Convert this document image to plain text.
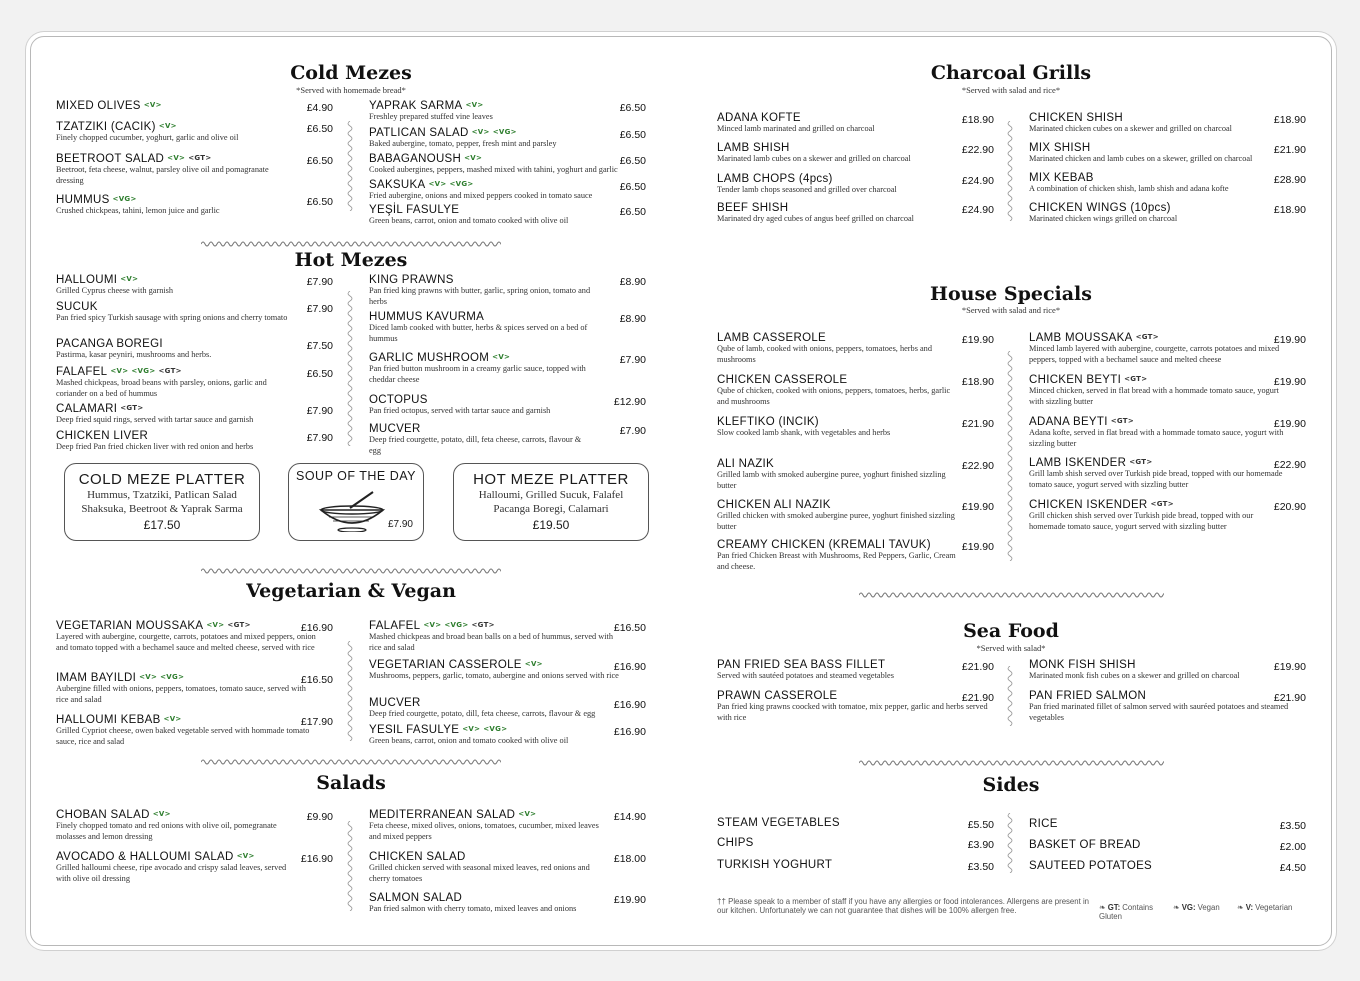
Cold Mezes
*Served with homemade bread*
MIXED OLIVES <V>	£4.90
TZATZIKI (CACIK) <V>
Finely chopped cucumber, yoghurt, garlic and olive oil
£6.50
BEETROOT SALAD <V> <GT>
Beetroot, feta cheese, walnut, parsley olive oil and pomagranate dressing
£6.50
HUMMUS <VG>
Crushed chickpeas, tahini, lemon juice and garlic
£6.50
YAPRAK SARMA <V>
Freshley prepared stuffed vine leaves
£6.50
PATLICAN SALAD <V> <VG>
Baked aubergine, tomato, pepper, fresh mint and parsley
£6.50
BABAGANOUSH <V>
Cooked aubergines, peppers, mashed mixed with tahini, yoghurt and garlic
£6.50
SAKSUKA <V> <VG>
Fried aubergine, onions and mixed peppers cooked in tomato sauce
£6.50
YEŞİL FASULYE
Green beans, carrot, onion and tomato cooked with olive oil
£6.50
Hot Mezes
HALLOUMI <V>
Grilled Cyprus cheese with garnish
£7.90
SUCUK
Pan fried spicy Turkish sausage with spring onions and cherry tomato
£7.90
PACANGA BOREGI
Pastirma, kasar peyniri, mushrooms and herbs.
£7.50
FALAFEL <V> <VG> <GT>
Mashed chickpeas, broad beans with parsley, onions, garlic and coriander on a bed of hummus
£6.50
CALAMARI <GT>
Deep fried squid rings, served with tartar sauce and garnish
£7.90
CHICKEN LIVER
Deep fried Pan fried chicken liver with red onion and herbs
£7.90
KING PRAWNS
Pan fried king prawns with butter, garlic, spring onion, tomato and herbs
£8.90
HUMMUS KAVURMA
Diced lamb cooked with butter, herbs & spices served on a bed of hummus
£8.90
GARLIC MUSHROOM <V>
Pan fried button mushroom in a creamy garlic sauce, topped with cheddar cheese
£7.90
OCTOPUS
Pan fried octopus, served with tartar sauce and garnish
£12.90
MUCVER
Deep fried courgette, potato, dill, feta cheese, carrots, flavour & egg
£7.90
COLD MEZE PLATTER
Hummus, Tzatziki, Patlican Salad
Shaksuka, Beetroot & Yaprak Sarma
£17.50
SOUP OF THE DAY
£7.90
HOT MEZE PLATTER
Halloumi, Grilled Sucuk, Falafel
Pacanga Boregi, Calamari
£19.50
Vegetarian & Vegan
VEGETARIAN MOUSSAKA <V> <GT>
Layered with aubergine, courgette, carrots, potatoes and mixed peppers, onion and tomato topped with a bechamel sauce and melted cheese, served with rice
£16.90
IMAM BAYILDI <V> <VG>
Aubergine filled with onions, peppers, tomatoes, tomato sauce, served with rice and salad
£16.50
HALLOUMI KEBAB <V>
Grilled Cypriot cheese, owen baked vegetable served with hommade tomato sauce, rice and salad
£17.90
FALAFEL <V> <VG> <GT>
Mashed chickpeas and broad bean balls on a bed of hummus, served with rice and salad
£16.50
VEGETARIAN CASSEROLE <V>
Mushrooms, peppers, garlic, tomato, aubergine and onions served with rice
£16.90
MUCVER
Deep fried courgette, potato, dill, feta cheese, carrots, flavour & egg
£16.90
YESIL FASULYE <V> <VG>
Green beans, carrot, onion and tomato cooked with olive oil
£16.90
Salads
CHOBAN SALAD <V>
Finely chopped tomato and red onions with olive oil, pomegranate molasses and lemon dressing
£9.90
AVOCADO & HALLOUMI SALAD <V>
Grilled halloumi cheese, ripe avocado and crispy salad leaves, served with olive oil dressing
£16.90
MEDITERRANEAN SALAD <V>
Feta cheese, mixed olives, onions, tomatoes, cucumber, mixed leaves and mixed peppers
£14.90
CHICKEN SALAD
Grilled chicken served with seasonal mixed leaves, red onions and cherry tomatoes
£18.00
SALMON SALAD
Pan fried salmon with cherry tomato, mixed leaves and onions
£19.90
Charcoal Grills
*Served with salad and rice*
ADANA KOFTE
Minced lamb marinated and grilled on charcoal
£18.90
LAMB SHISH
Marinated lamb cubes on a skewer and grilled on charcoal
£22.90
LAMB CHOPS (4pcs)
Tender lamb chops seasoned and grilled over charcoal
£24.90
BEEF SHISH
Marinated dry aged cubes of angus beef grilled on charcoal
£24.90
CHICKEN SHISH
Marinated chicken cubes on a skewer and grilled on charcoal
£18.90
MIX SHISH
Marinated chicken and lamb cubes on a skewer, grilled on charcoal
£21.90
MIX KEBAB
A combination of chicken shish, lamb shish and adana kofte
£28.90
CHICKEN WINGS (10pcs)
Marinated chicken wings grilled on charcoal
£18.90
House Specials
*Served with salad and rice*
LAMB CASSEROLE
Qube of lamb, cooked with onions, peppers, tomatoes, herbs and mushrooms
£19.90
CHICKEN CASSEROLE
Qube of chicken, cooked with onions, peppers, tomatoes, herbs, garlic and mushrooms
£18.90
KLEFTIKO (INCIK)
Slow cooked lamb shank, with vegetables and herbs
£21.90
ALI NAZIK
Grilled lamb with smoked aubergine puree, yoghurt finished sizzling butter
£22.90
CHICKEN ALI NAZIK
Grilled chicken with smoked aubergine puree, yoghurt finished sizzling butter
£19.90
CREAMY CHICKEN (KREMALI TAVUK)
Pan fried Chicken Breast with Mushrooms, Red Peppers, Garlic, Cream and cheese.
£19.90
LAMB MOUSSAKA <GT>
Minced lamb layered with aubergine, courgette, carrots potatoes and mixed peppers, topped with a bechamel sauce and melted cheese
£19.90
CHICKEN BEYTI <GT>
Minced chicken, served in flat bread with a hommade tomato sauce, yogurt with sizzling butter
£19.90
ADANA BEYTI <GT>
Adana kofte, served in flat bread with a hommade tomato sauce, yogurt with sizzling butter
£19.90
LAMB ISKENDER <GT>
Grill lamb shish served over Turkish pide bread, topped with our homemade tomato sauce, yogurt served with sizzling butter
£22.90
CHICKEN ISKENDER <GT>
Grill chicken shish served over Turkish pide bread, topped with our homemade tomato sauce, yogurt served with sizzling butter
£20.90
Sea Food
*Served with salad*
PAN FRIED SEA BASS FILLET
Served with sautéed potatoes and steamed vegetables
£21.90
PRAWN CASSEROLE
Pan fried king prawns coocked with tomatoe, mix pepper, garlic and herbs served with rice
£21.90
MONK FISH SHISH
Marinated monk fish cubes on a skewer and grilled on charcoal
£19.90
PAN FRIED SALMON
Pan fried marinated fillet of salmon served with sauréed potatoes and steamed vegetables
£21.90
Sides
STEAM VEGETABLES	£5.50
CHIPS	£3.90
TURKISH YOGHURT	£3.50
RICE	£3.50
BASKET OF BREAD	£2.00
SAUTEED POTATOES	£4.50
†† Please speak to a member of staff if you have any allergies or food intolerances. Allergens are present in our kitchen. Unfortunately we can not guarantee that dishes will be 100% allergen free.	❧ GT: Contains Gluten
❧ VG: Vegan	❧ V: Vegetarian
